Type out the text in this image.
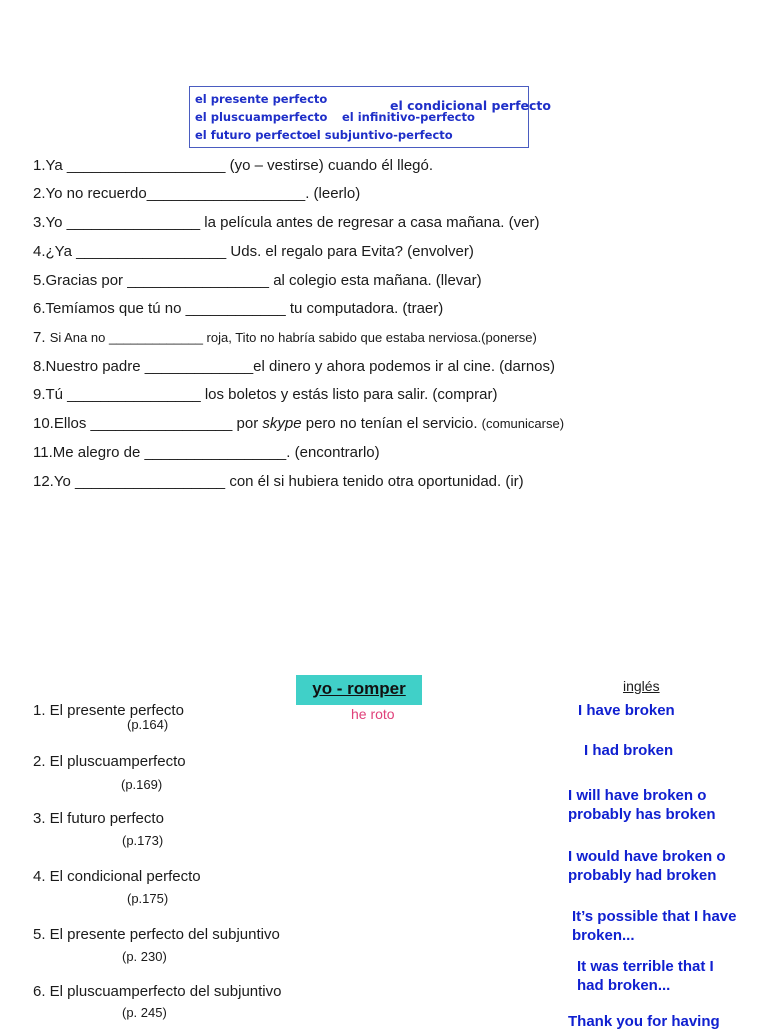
el presente perfecto
el pluscuamperfecto el infinitivo-perfecto
el futuro perfecto el subjuntivo-perfecto
el condicional perfecto
1.Ya ___________________ (yo – vestirse) cuando él llegó.
2.Yo no recuerdo___________________. (leerlo)
3.Yo ________________ la película antes de regresar a casa mañana. (ver)
4.¿Ya __________________ Uds. el regalo para Evita? (envolver)
5.Gracias por _________________ al colegio esta mañana. (llevar)
6.Temíamos que tú no ____________ tu computadora. (traer)
7. Si Ana no _____________ roja, Tito no habría sabido que estaba nerviosa.(ponerse)
8.Nuestro padre _____________el dinero y ahora podemos ir al cine. (darnos)
9.Tú ________________ los boletos y estás listo para salir. (comprar)
10.Ellos _________________ por skype pero no tenían el servicio. (comunicarse)
11.Me alegro de _________________. (encontrarlo)
12.Yo __________________ con él si hubiera tenido otra oportunidad. (ir)
yo - romper	inglés
he roto
1. El presente perfecto
(p.164)
2. El pluscuamperfecto
(p.169)
3. El futuro perfecto
(p.173)
4. El condicional perfecto
(p.175)
5. El presente perfecto del subjuntivo
(p. 230)
6. El pluscuamperfecto del subjuntivo
(p. 245)
I have broken
I had broken
I will have broken o
probably has broken
I would have broken o
probably had broken
It’s possible that I have
broken...
It was terrible that I
had broken...
Thank you for having
